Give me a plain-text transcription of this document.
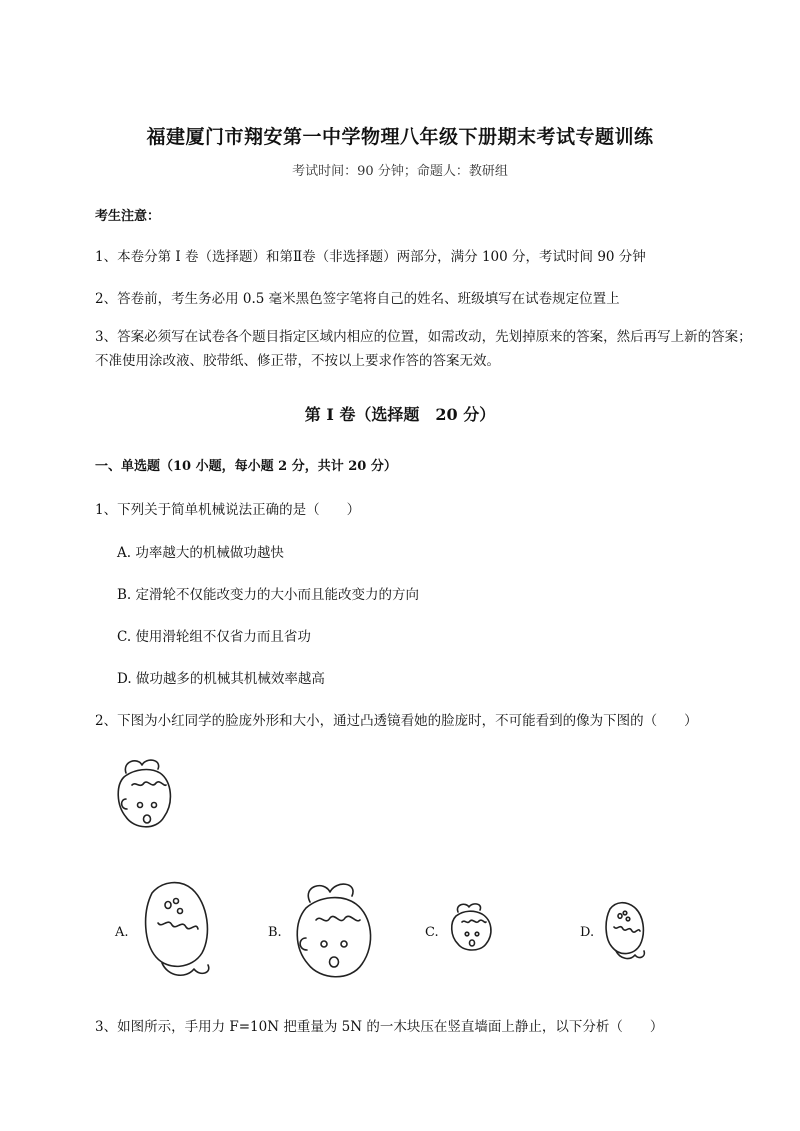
福建厦门市翔安第一中学物理八年级下册期末考试专题训练
考试时间：90 分钟；命题人：教研组
考生注意：
1、本卷分第 I 卷（选择题）和第Ⅱ卷（非选择题）两部分，满分 100 分，考试时间 90 分钟
2、答卷前，考生务必用 0.5 毫米黑色签字笔将自己的姓名、班级填写在试卷规定位置上
3、答案必须写在试卷各个题目指定区域内相应的位置，如需改动，先划掉原来的答案，然后再写上新的答案；不准使用涂改液、胶带纸、修正带，不按以上要求作答的答案无效。
第 I 卷（选择题　20 分）
一、单选题（10 小题，每小题 2 分，共计 20 分）
1、下列关于简单机械说法正确的是（　　）
A. 功率越大的机械做功越快
B. 定滑轮不仅能改变力的大小而且能改变力的方向
C. 使用滑轮组不仅省力而且省功
D. 做功越多的机械其机械效率越高
2、下图为小红同学的脸庞外形和大小，通过凸透镜看她的脸庞时，不可能看到的像为下图的（　　）
A.	B.	C.	D.
3、如图所示，手用力 F=10N 把重量为 5N 的一木块压在竖直墙面上静止，以下分析（　　）
